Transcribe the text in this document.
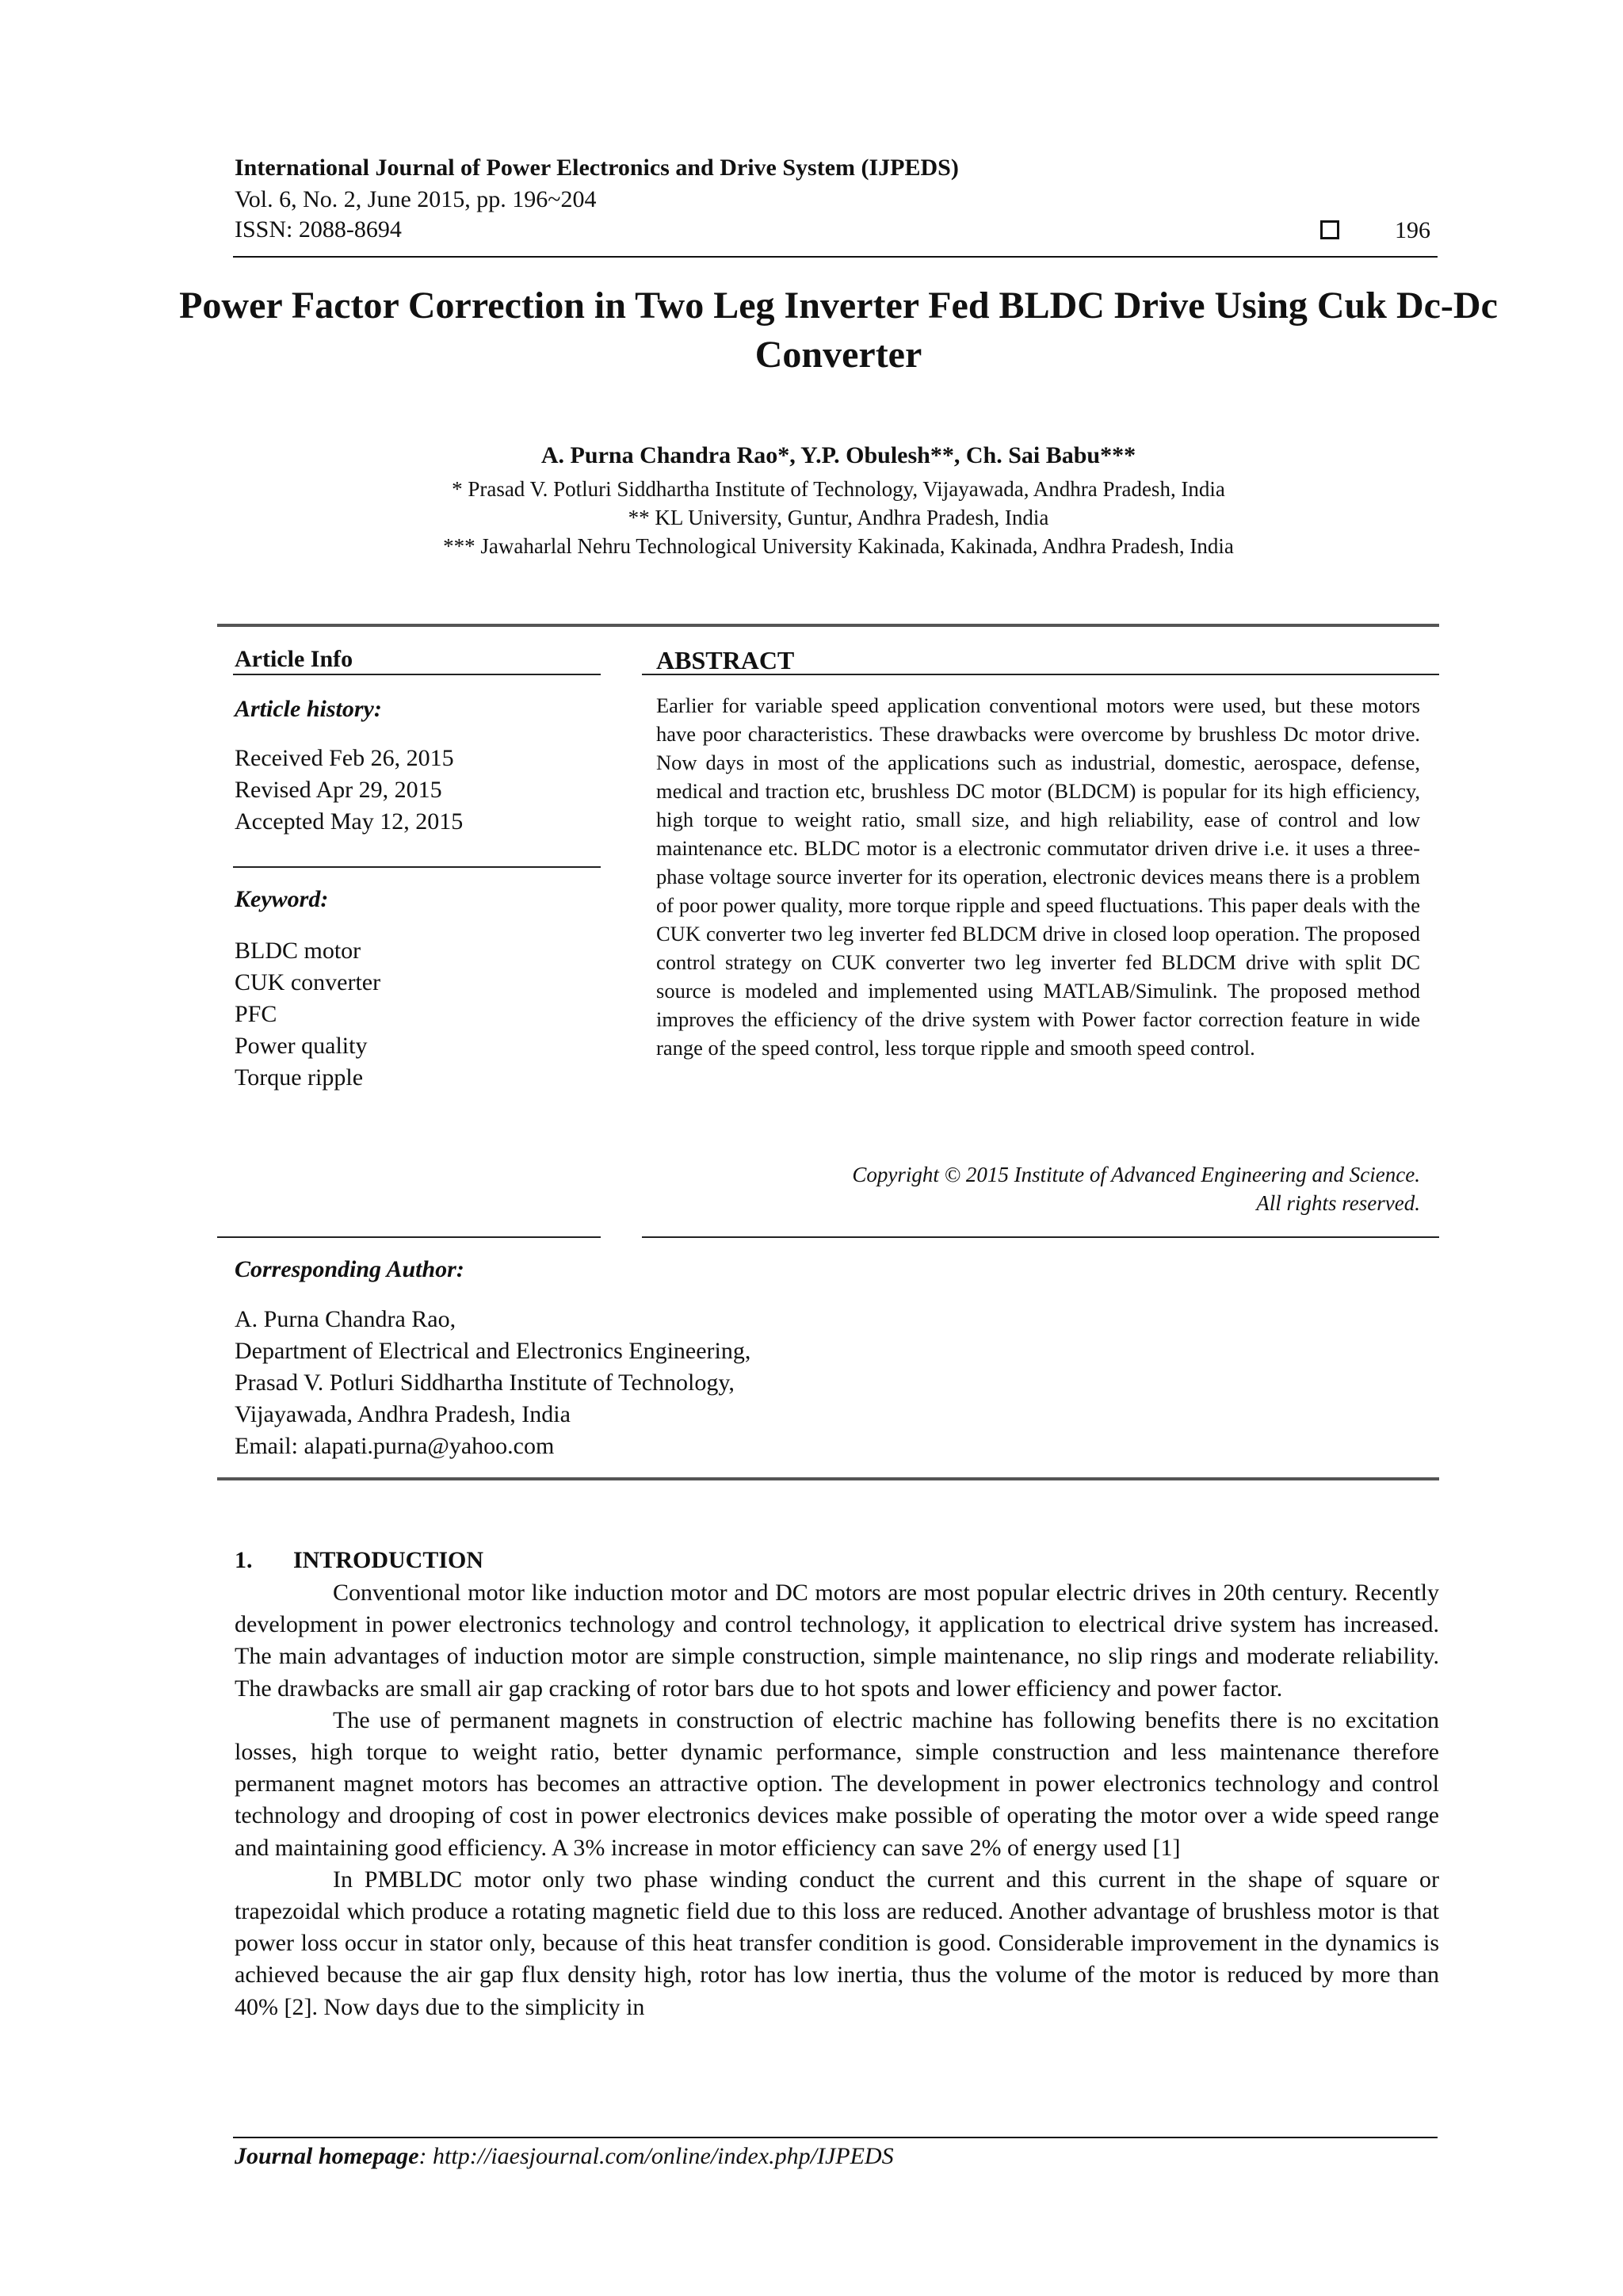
International Journal of Power Electronics and Drive System (IJPEDS)
Vol. 6, No. 2, June 2015, pp. 196~204
ISSN: 2088-8694	196
Power Factor Correction in Two Leg Inverter Fed BLDC Drive Using Cuk Dc-Dc Converter
A. Purna Chandra Rao*, Y.P. Obulesh**, Ch. Sai Babu***
* Prasad V. Potluri Siddhartha Institute of Technology, Vijayawada, Andhra Pradesh, India
** KL University, Guntur, Andhra Pradesh, India
*** Jawaharlal Nehru Technological University Kakinada, Kakinada, Andhra Pradesh, India
Article Info
Article history:
Received Feb 26, 2015
Revised Apr 29, 2015
Accepted May 12, 2015
Keyword:
BLDC motor
CUK converter
PFC
Power quality
Torque ripple
ABSTRACT
Earlier for variable speed application conventional motors were used, but these motors have poor characteristics. These drawbacks were overcome by brushless Dc motor drive. Now days in most of the applications such as industrial, domestic, aerospace, defense, medical and traction etc, brushless DC motor (BLDCM) is popular for its high efficiency, high torque to weight ratio, small size, and high reliability, ease of control and low maintenance etc. BLDC motor is a electronic commutator driven drive i.e. it uses a three-phase voltage source inverter for its operation, electronic devices means there is a problem of poor power quality, more torque ripple and speed fluctuations. This paper deals with the CUK converter two leg inverter fed BLDCM drive in closed loop operation. The proposed control strategy on CUK converter two leg inverter fed BLDCM drive with split DC source is modeled and implemented using MATLAB/Simulink. The proposed method improves the efficiency of the drive system with Power factor correction feature in wide range of the speed control, less torque ripple and smooth speed control.
Copyright © 2015 Institute of Advanced Engineering and Science.
All rights reserved.
Corresponding Author:
A. Purna Chandra Rao,
Department of Electrical and Electronics Engineering,
Prasad V. Potluri Siddhartha Institute of Technology,
Vijayawada, Andhra Pradesh, India
Email: alapati.purna@yahoo.com
1. INTRODUCTION

Conventional motor like induction motor and DC motors are most popular electric drives in 20th century. Recently development in power electronics technology and control technology, it application to electrical drive system has increased. The main advantages of induction motor are simple construction, simple maintenance, no slip rings and moderate reliability. The drawbacks are small air gap cracking of rotor bars due to hot spots and lower efficiency and power factor.

The use of permanent magnets in construction of electric machine has following benefits there is no excitation losses, high torque to weight ratio, better dynamic performance, simple construction and less maintenance therefore permanent magnet motors has becomes an attractive option. The development in power electronics technology and control technology and drooping of cost in power electronics devices make possible of operating the motor over a wide speed range and maintaining good efficiency. A 3% increase in motor efficiency can save 2% of energy used [1]

In PMBLDC motor only two phase winding conduct the current and this current in the shape of square or trapezoidal which produce a rotating magnetic field due to this loss are reduced. Another advantage of brushless motor is that power loss occur in stator only, because of this heat transfer condition is good. Considerable improvement in the dynamics is achieved because the air gap flux density high, rotor has low inertia, thus the volume of the motor is reduced by more than 40% [2]. Now days due to the simplicity in

Journal homepage: http://iaesjournal.com/online/index.php/IJPEDS
